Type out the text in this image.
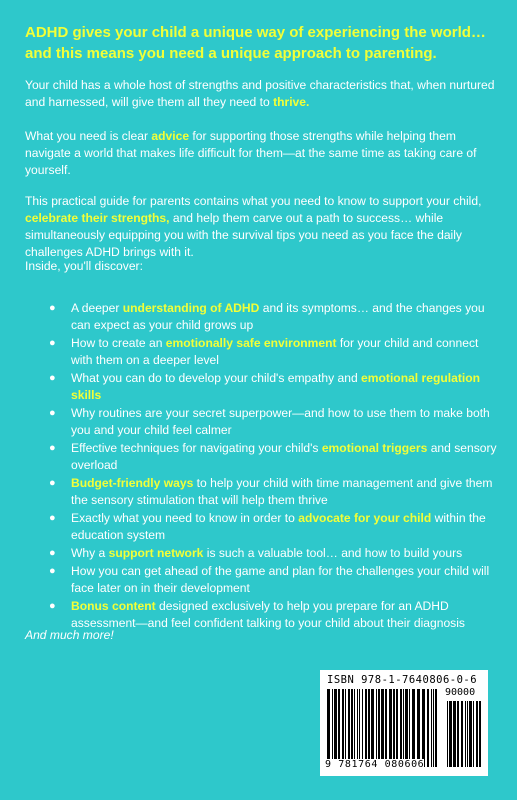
ADHD gives your child a unique way of experiencing the world…
and this means you need a unique approach to parenting.

Your child has a whole host of strengths and positive characteristics that, when nurtured and harnessed, will give them all they need to thrive.

What you need is clear advice for supporting those strengths while helping them navigate a world that makes life difficult for them—at the same time as taking care of yourself.

This practical guide for parents contains what you need to know to support your child, celebrate their strengths, and help them carve out a path to success… while simultaneously equipping you with the survival tips you need as you face the daily challenges ADHD brings with it.

Inside, you'll discover:

● A deeper understanding of ADHD and its symptoms… and the changes you can expect as your child grows up
● How to create an emotionally safe environment for your child and connect with them on a deeper level
● What you can do to develop your child's empathy and emotional regulation skills
● Why routines are your secret superpower—and how to use them to make both you and your child feel calmer
● Effective techniques for navigating your child's emotional triggers and sensory overload
● Budget-friendly ways to help your child with time management and give them the sensory stimulation that will help them thrive
● Exactly what you need to know in order to advocate for your child within the education system
● Why a support network is such a valuable tool… and how to build yours
● How you can get ahead of the game and plan for the challenges your child will face later on in their development
● Bonus content designed exclusively to help you prepare for an ADHD assessment—and feel confident talking to your child about their diagnosis
And much more!
ISBN 978-1-7640806-0-6
90000
9 781764 080606
